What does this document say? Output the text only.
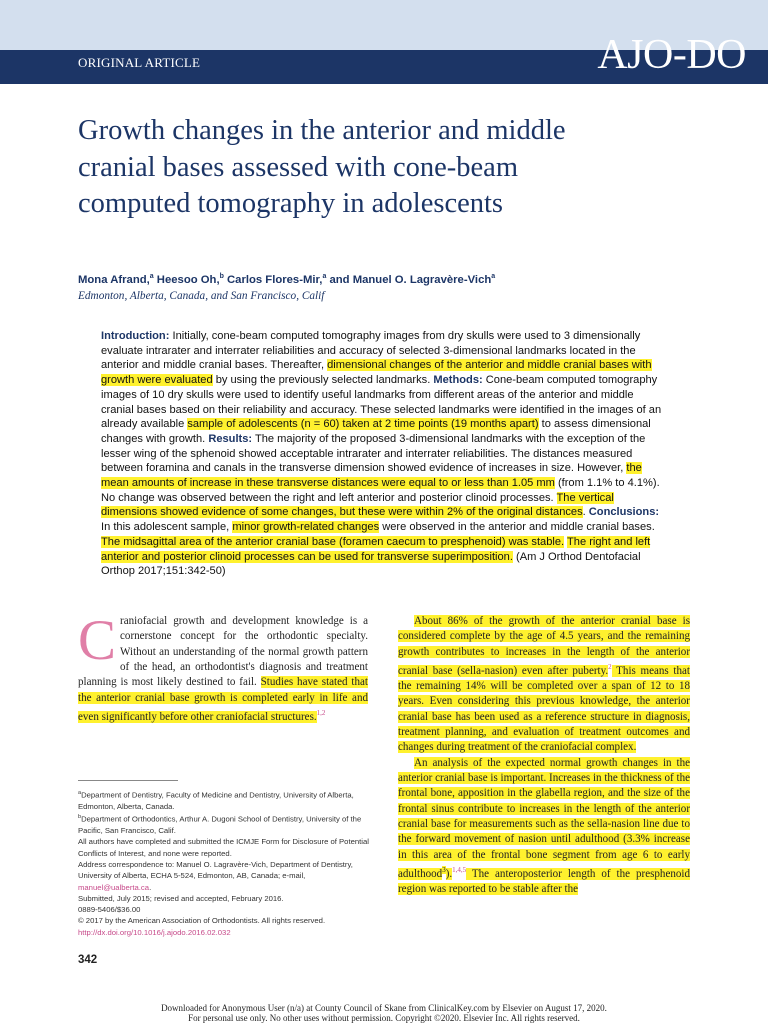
ORIGINAL ARTICLE	AJO-DO
Growth changes in the anterior and middle cranial bases assessed with cone-beam computed tomography in adolescents
Mona Afrand,$^a$ Heesoo Oh,$^b$ Carlos Flores-Mir,$^a$ and Manuel O. Lagravère-Vich$^a$
Edmonton, Alberta, Canada, and San Francisco, Calif
Introduction: Initially, cone-beam computed tomography images from dry skulls were used to 3 dimensionally evaluate intrarater and interrater reliabilities and accuracy of selected 3-dimensional landmarks located in the anterior and middle cranial bases. Thereafter, dimensional changes of the anterior and middle cranial bases with growth were evaluated by using the previously selected landmarks. Methods: Cone-beam computed tomography images of 10 dry skulls were used to identify useful landmarks from different areas of the anterior and middle cranial bases based on their reliability and accuracy. These selected landmarks were identified in the images of an already available sample of adolescents (n = 60) taken at 2 time points (19 months apart) to assess dimensional changes with growth. Results: The majority of the proposed 3-dimensional landmarks with the exception of the lesser wing of the sphenoid showed acceptable intrarater and interrater reliabilities. The distances measured between foramina and canals in the transverse dimension showed evidence of increases in size. However, the mean amounts of increase in these transverse distances were equal to or less than 1.05 mm (from 1.1% to 4.1%). No change was observed between the right and left anterior and posterior clinoid processes. The vertical dimensions showed evidence of some changes, but these were within 2% of the original distances. Conclusions: In this adolescent sample, minor growth-related changes were observed in the anterior and middle cranial bases. The midsagittal area of the anterior cranial base (foramen caecum to presphenoid) was stable. The right and left anterior and posterior clinoid processes can be used for transverse superimposition. (Am J Orthod Dentofacial Orthop 2017;151:342-50)

Craniofacial growth and development knowledge is a cornerstone concept for the orthodontic specialty. Without an understanding of the normal growth pattern of the head, an orthodontist's diagnosis and treatment planning is most likely destined to fail. Studies have stated that the anterior cranial base growth is completed early in life and even significantly before other craniofacial structures.$^{1,2}$

$^a$Department of Dentistry, Faculty of Medicine and Dentistry, University of Alberta, Edmonton, Alberta, Canada.
$^b$Department of Orthodontics, Arthur A. Dugoni School of Dentistry, University of the Pacific, San Francisco, Calif.
All authors have completed and submitted the ICMJE Form for Disclosure of Potential Conflicts of Interest, and none were reported.
Address correspondence to: Manuel O. Lagravère-Vich, Department of Dentistry, University of Alberta, ECHA 5-524, Edmonton, AB, Canada; e-mail, manuel@ualberta.ca.
Submitted, July 2015; revised and accepted, February 2016.
0889-5406/$36.00
© 2017 by the American Association of Orthodontists. All rights reserved.
http://dx.doi.org/10.1016/j.ajodo.2016.02.032

About 86% of the growth of the anterior cranial base is considered complete by the age of 4.5 years, and the remaining growth contributes to increases in the length of the anterior cranial base (sella-nasion) even after puberty.$^2$ This means that the remaining 14% will be completed over a span of 12 to 18 years. Even considering this previous knowledge, the anterior cranial base has been used as a reference structure in diagnosis, treatment planning, and evaluation of treatment outcomes and changes during treatment of the craniofacial complex.

An analysis of the expected normal growth changes in the anterior cranial base is important. Increases in the thickness of the frontal bone, apposition in the glabella region, and the size of the frontal sinus contribute to increases in the length of the anterior cranial base for measurements such as the sella-nasion line due to the forward movement of nasion until adulthood (3.3% increase in this area of the frontal bone segment from age 6 to early adulthood$^3$).$^{1,4,5}$ The anteroposterior length of the presphenoid region was reported to be stable after the

342
Downloaded for Anonymous User (n/a) at County Council of Skane from ClinicalKey.com by Elsevier on August 17, 2020.
For personal use only. No other uses without permission. Copyright ©2020. Elsevier Inc. All rights reserved.
